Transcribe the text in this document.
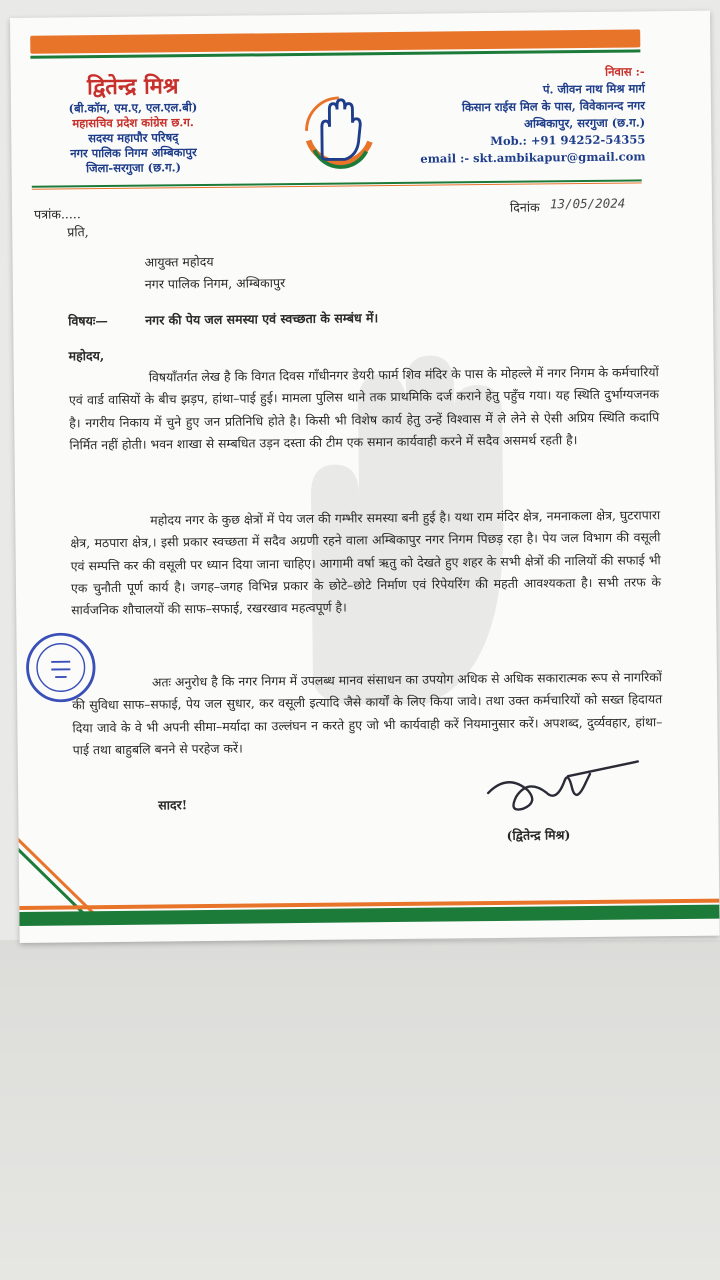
द्वितेन्द्र मिश्र
(बी.कॉम, एम.ए, एल.एल.बी)
महासचिव प्रदेश कांग्रेस छ.ग.
सदस्य महापौर परिषद्
नगर पालिक निगम अम्बिकापुर
जिला-सरगुजा (छ.ग.)
निवास :-
पं. जीवन नाथ मिश्र मार्ग
किसान राईस मिल के पास, विवेकानन्द नगर
अम्बिकापुर, सरगुजा (छ.ग.)
Mob.: +91 94252-54355
email :- skt.ambikapur@gmail.com
पत्रांक.....
प्रति,
दिनांक 13/05/2024
आयुक्त महोदय
नगर पालिक निगम, अम्बिकापुर
विषयः—	नगर की पेय जल समस्या एवं स्वच्छता के सम्बंध में।
महोदय,

विषयाँतर्गत लेख है कि विगत दिवस गाँधीनगर डेयरी फार्म शिव मंदिर के पास के मोहल्ले में नगर निगम के कर्मचारियों एवं वार्ड वासियों के बीच झड़प, हांथा–पाई हुई। मामला पुलिस थाने तक प्राथमिकि दर्ज कराने हेतु पहुँच गया। यह स्थिति दुर्भाग्यजनक है। नगरीय निकाय में चुने हुए जन प्रतिनिधि होते है। किसी भी विशेष कार्य हेतु उन्हें विश्वास में ले लेने से ऐसी अप्रिय स्थिति कदापि निर्मित नहीं होती। भवन शाखा से सम्बधित उड़न दस्ता की टीम एक समान कार्यवाही करने में सदैव असमर्थ रहती है।

महोदय नगर के कुछ क्षेत्रों में पेय जल की गम्भीर समस्या बनी हुई है। यथा राम मंदिर क्षेत्र, नमनाकला क्षेत्र, घुटरापारा क्षेत्र, मठपारा क्षेत्र,। इसी प्रकार स्वच्छता में सदैव अग्रणी रहने वाला अम्बिकापुर नगर निगम पिछड़ रहा है। पेय जल विभाग की वसूली एवं सम्पत्ति कर की वसूली पर ध्यान दिया जाना चाहिए। आगामी वर्षा ऋतु को देखते हुए शहर के सभी क्षेत्रों की नालियों की सफाई भी एक चुनौती पूर्ण कार्य है। जगह–जगह विभिन्न प्रकार के छोटे–छोटे निर्माण एवं रिपेयरिंग की महती आवश्यकता है। सभी तरफ के सार्वजनिक शौचालयों की साफ–सफाई, रखरखाव महत्वपूर्ण है।

अतः अनुरोध है कि नगर निगम में उपलब्ध मानव संसाधन का उपयोग अधिक से अधिक सकारात्मक रूप से नागरिकों की सुविधा साफ–सफाई, पेय जल सुधार, कर वसूली इत्यादि जैसे कार्यों के लिए किया जावे। तथा उक्त कर्मचारियों को सख्त हिदायत दिया जावे के वे भी अपनी सीमा–मर्यादा का उल्लंघन न करते हुए जो भी कार्यवाही करें नियमानुसार करें। अपशब्द, दुर्व्यवहार, हांथा–पाई तथा बाहुबलि बनने से परहेज करें।

सादर!
(द्वितेन्द्र मिश्र)
